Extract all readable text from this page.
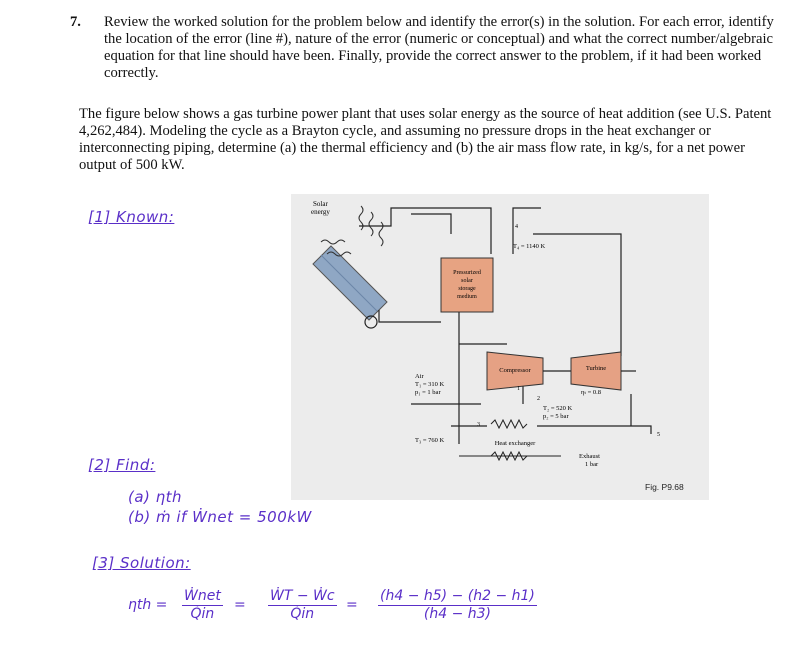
7. Review the worked solution for the problem below and identify the error(s) in the solution. For each error, identify the location of the error (line #), nature of the error (numeric or conceptual) and what the correct number/algebraic equation for that line should have been. Finally, provide the correct answer to the problem, if it had been worked correctly.
The figure below shows a gas turbine power plant that uses solar energy as the source of heat addition (see U.S. Patent 4,262,484). Modeling the cycle as a Brayton cycle, and assuming no pressure drops in the heat exchanger or interconnecting piping, determine (a) the thermal efficiency and (b) the air mass flow rate, in kg/s, for a net power output of 500 kW.
[1] Known:
Solar
energy
Pressurized
solar
storage
medium
4
T₄ = 1140 K
Compressor	Turbine
ηₜ = 0.8
Air
T₁ = 310 K
p₁ = 1 bar	1
2
T₂ = 520 K
p₂ = 5 bar
3
5
T₃ = 760 K	Heat exchanger
Exhaust
1 bar
Fig. P9.68
[2] Find:
(a) ηth
(b) ṁ if Ẇnet = 500kW
[3] Solution:
ηth =
Ẇnet
Q̇in
= $\frac{\text{ẆT − Ẇc}}{Q̇in} = \frac{(h4 - h5) - (h2 - h1)}{(h4 - h3)}$
